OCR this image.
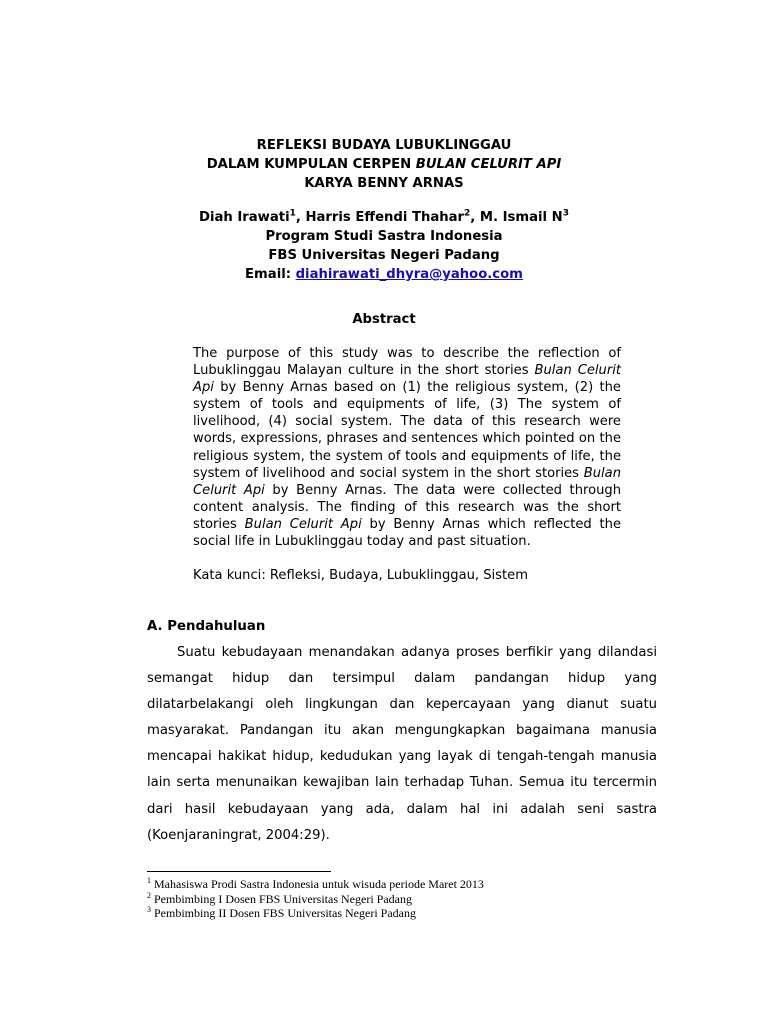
REFLEKSI BUDAYA LUBUKLINGGAU
DALAM KUMPULAN CERPEN BULAN CELURIT API
KARYA BENNY ARNAS
Diah Irawati$^1$, Harris Effendi Thahar$^2$, M. Ismail $N^3$
Program Studi Sastra Indonesia
FBS Universitas Negeri Padang
Email: diahirawati_dhyra@yahoo.com
Abstract
The purpose of this study was to describe the reflection of Lubuklinggau Malayan culture in the short stories Bulan Celurit Api by Benny Arnas based on (1) the religious system, (2) the system of tools and equipments of life, (3) The system of livelihood, (4) social system. The data of this research were words, expressions, phrases and sentences which pointed on the religious system, the system of tools and equipments of life, the system of livelihood and social system in the short stories Bulan Celurit Api by Benny Arnas. The data were collected through content analysis. The finding of this research was the short stories Bulan Celurit Api by Benny Arnas which reflected the social life in Lubuklinggau today and past situation.
Kata kunci: Refleksi, Budaya, Lubuklinggau, Sistem
A. Pendahuluan
Suatu kebudayaan menandakan adanya proses berfikir yang dilandasi semangat hidup dan tersimpul dalam pandangan hidup yang dilatarbelakangi oleh lingkungan dan kepercayaan yang dianut suatu masyarakat. Pandangan itu akan mengungkapkan bagaimana manusia mencapai hakikat hidup, kedudukan yang layak di tengah-tengah manusia lain serta menunaikan kewajiban lain terhadap Tuhan. Semua itu tercermin dari hasil kebudayaan yang ada, dalam hal ini adalah seni sastra (Koenjaraningrat, 2004:29).
$^1$ Mahasiswa Prodi Sastra Indonesia untuk wisuda periode Maret 2013
$^2$ Pembimbing I Dosen FBS Universitas Negeri Padang
$^3$ Pembimbing II Dosen FBS Universitas Negeri Padang
